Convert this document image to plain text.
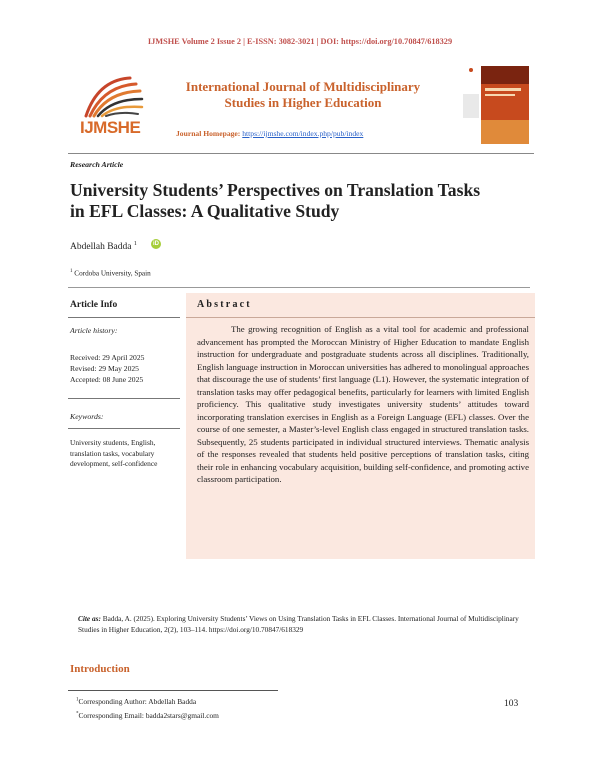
IJMSHE Volume 2 Issue 2 | E-ISSN: 3082-3021 | DOI: https://doi.org/10.70847/618329
IJMSHE
International Journal of Multidisciplinary
Studies in Higher Education
Journal Homepage: https://ijmshe.com/index.php/pub/index
Research Article
University Students’ Perspectives on Translation Tasks
in EFL Classes: A Qualitative Study
Abdellah Badda $^1$	iD
$^1$ Cordoba University, Spain
Article Info
Article history:
Received: 29 April 2025
Revised: 29 May 2025
Accepted: 08 June 2025
Keywords:
University students, English, translation tasks, vocabulary development, self-confidence
Abstract
The growing recognition of English as a vital tool for academic and professional advancement has prompted the Moroccan Ministry of Higher Education to mandate English instruction for undergraduate and postgraduate students across all disciplines. Traditionally, English language instruction in Moroccan universities has adhered to monolingual approaches that discourage the use of students’ first language (L1). However, the systematic integration of translation tasks may offer pedagogical benefits, particularly for learners with limited English proficiency. This qualitative study investigates university students’ attitudes toward incorporating translation exercises in English as a Foreign Language (EFL) classes. Over the course of one semester, a Master’s-level English class engaged in structured translation tasks. Subsequently, 25 students participated in individual structured interviews. Thematic analysis of the responses revealed that students held positive perceptions of translation tasks, citing their role in enhancing vocabulary acquisition, building self-confidence, and promoting active classroom participation.
Cite as: Badda, A. (2025). Exploring University Students’ Views on Using Translation Tasks in EFL Classes. International Journal of Multidisciplinary Studies in Higher Education, 2(2), 103–114. https://doi.org/10.70847/618329
Introduction
$^1$Corresponding Author: Abdellah Badda
*Corresponding Email: badda2stars@gmail.com
103
